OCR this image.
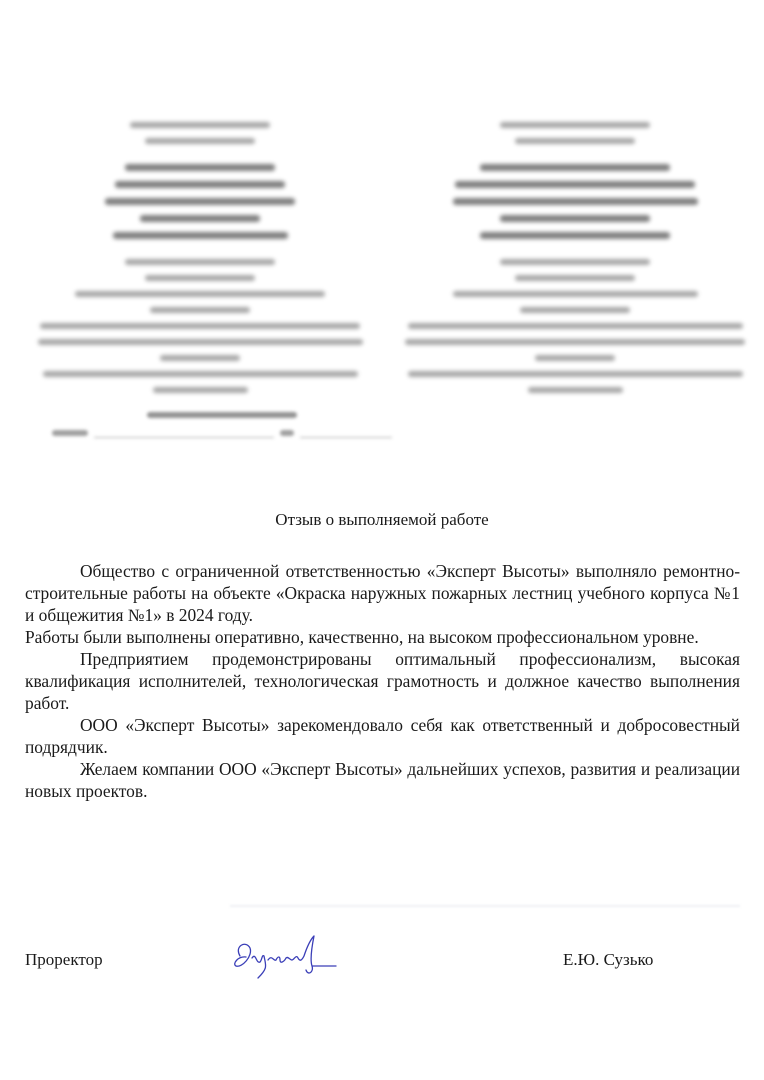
Отзыв о выполняемой работе

Общество с ограниченной ответственностью «Эксперт Высоты» выполняло ремонтно-строительные работы на объекте «Окраска наружных пожарных лестниц учебного корпуса №1 и общежития №1» в 2024 году.

Работы были выполнены оперативно, качественно, на высоком профессиональном уровне.

Предприятием продемонстрированы оптимальный профессионализм, высокая квалификация исполнителей, технологическая грамотность и должное качество выполнения работ.

ООО «Эксперт Высоты» зарекомендовало себя как ответственный и добросовестный подрядчик.

Желаем компании ООО «Эксперт Высоты» дальнейших успехов, развития и реализации новых проектов.

Проректор	Е.Ю. Сузько
